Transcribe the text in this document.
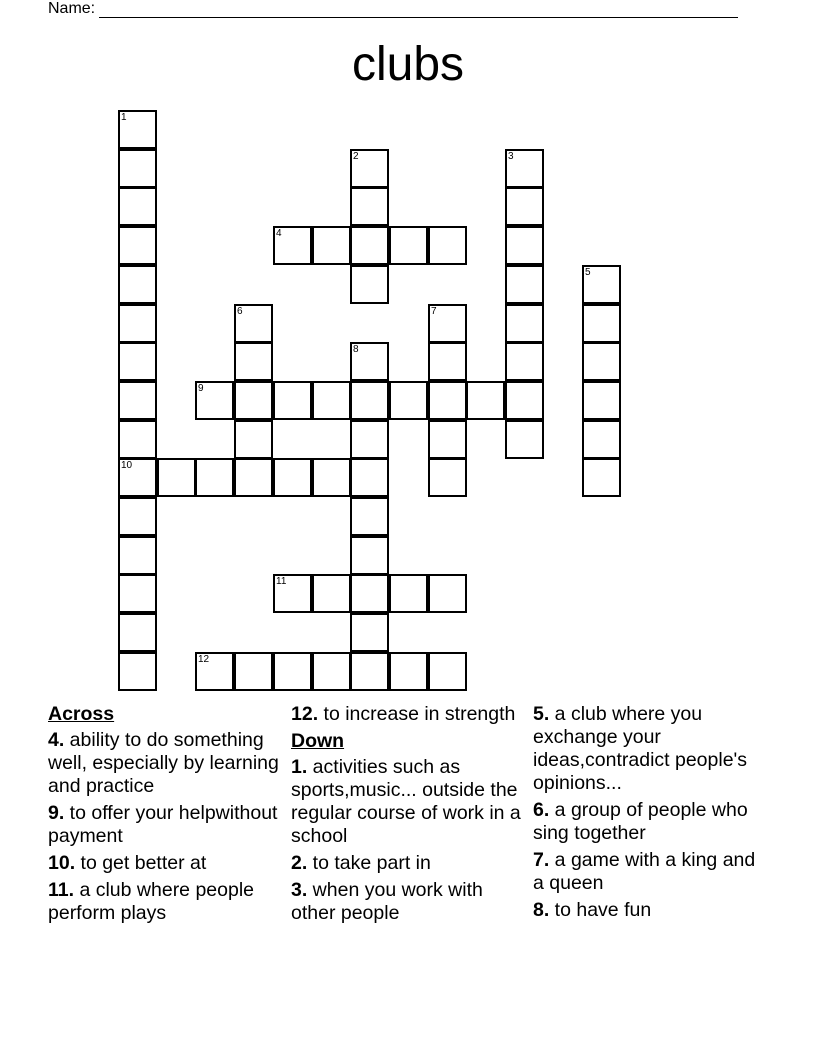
Name:
clubs
1
10
2	3
4
5
6	7
8
9
11
12
Across
4. ability to do something well, especially by learning and practice
9. to offer your helpwithout payment
10. to get better at
11. a club where people perform plays
12. to increase in strength
Down
1. activities such as sports,music... outside the regular course of work in a school
2. to take part in
3. when you work with other people
5. a club where you exchange your ideas,contradict people's opinions...
6. a group of people who sing together
7. a game with a king and a queen
8. to have fun
